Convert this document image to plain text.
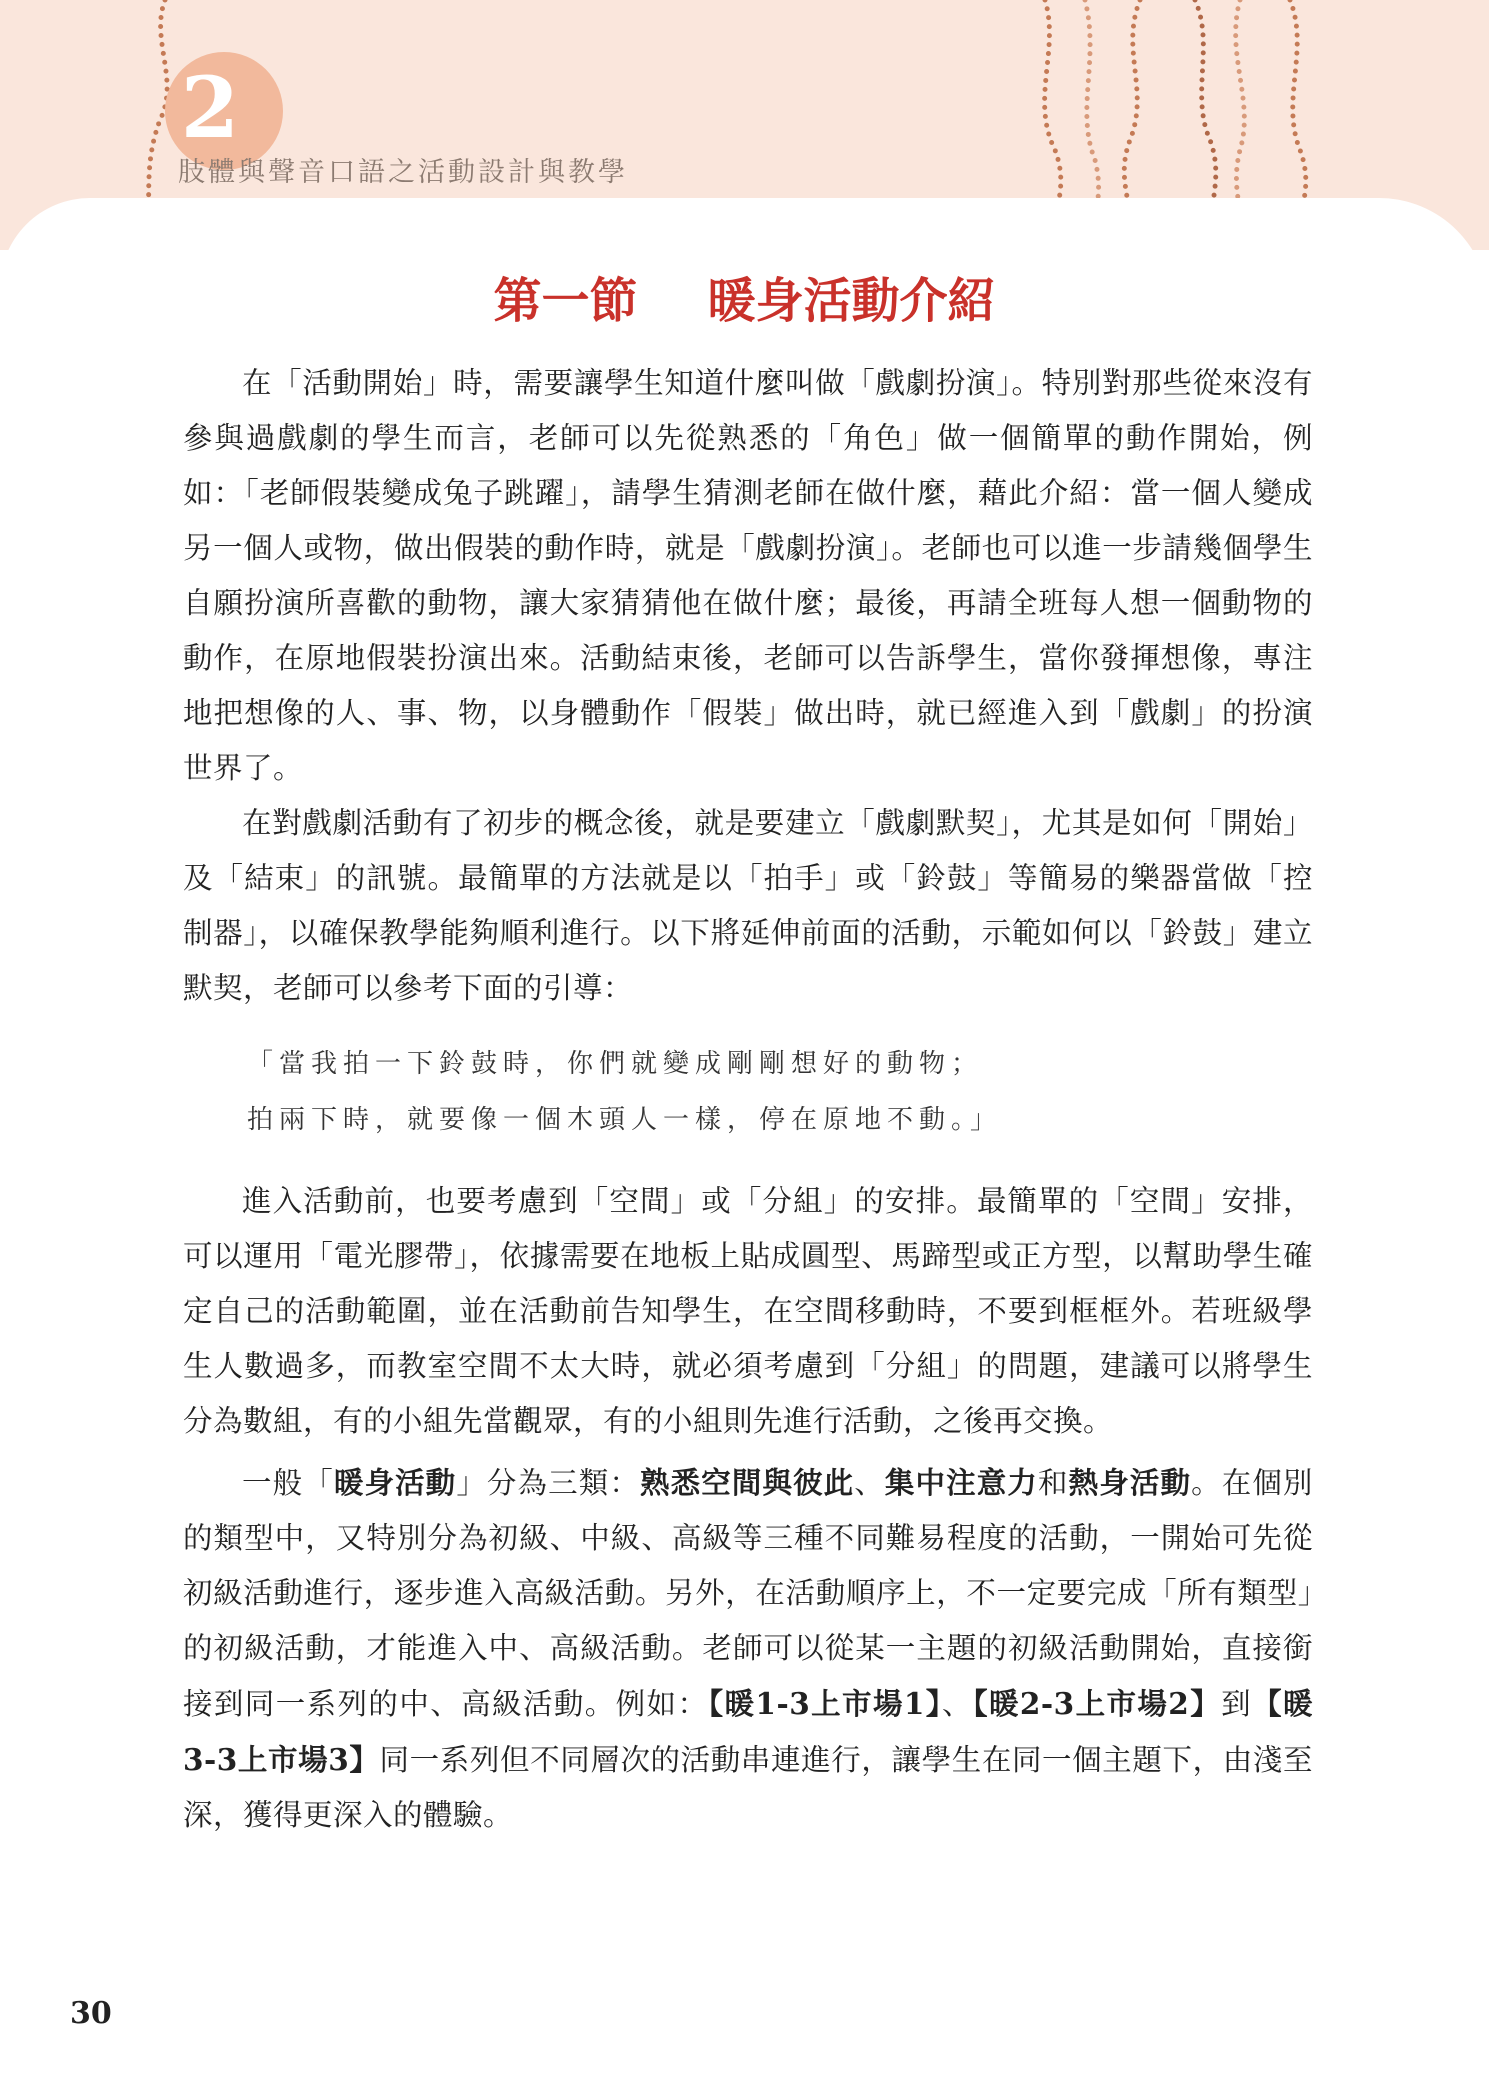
2
肢體與聲音口語之活動設計與教學
第一節 暖身活動介紹

在「活動開始」時，需要讓學生知道什麼叫做「戲劇扮演」。特別對那些從來沒有參與過戲劇的學生而言，老師可以先從熟悉的「角色」做一個簡單的動作開始，例如：「老師假裝變成兔子跳躍」，請學生猜測老師在做什麼，藉此介紹：當一個人變成另一個人或物，做出假裝的動作時，就是「戲劇扮演」。老師也可以進一步請幾個學生自願扮演所喜歡的動物，讓大家猜猜他在做什麼；最後，再請全班每人想一個動物的動作，在原地假裝扮演出來。活動結束後，老師可以告訴學生，當你發揮想像，專注地把想像的人、事、物，以身體動作「假裝」做出時，就已經進入到「戲劇」的扮演世界了。

在對戲劇活動有了初步的概念後，就是要建立「戲劇默契」，尤其是如何「開始」及「結束」的訊號。最簡單的方法就是以「拍手」或「鈴鼓」等簡易的樂器當做「控制器」，以確保教學能夠順利進行。以下將延伸前面的活動，示範如何以「鈴鼓」建立默契，老師可以參考下面的引導：

「當我拍一下鈴鼓時，你們就變成剛剛想好的動物；
拍兩下時，就要像一個木頭人一樣，停在原地不動。」

進入活動前，也要考慮到「空間」或「分組」的安排。最簡單的「空間」安排，可以運用「電光膠帶」，依據需要在地板上貼成圓型、馬蹄型或正方型，以幫助學生確定自己的活動範圍，並在活動前告知學生，在空間移動時，不要到框框外。若班級學生人數過多，而教室空間不太大時，就必須考慮到「分組」的問題，建議可以將學生分為數組，有的小組先當觀眾，有的小組則先進行活動，之後再交換。

一般「暖身活動」分為三類：熟悉空間與彼此、集中注意力和熱身活動。在個別的類型中，又特別分為初級、中級、高級等三種不同難易程度的活動，一開始可先從初級活動進行，逐步進入高級活動。另外，在活動順序上，不一定要完成「所有類型」的初級活動，才能進入中、高級活動。老師可以從某一主題的初級活動開始，直接銜接到同一系列的中、高級活動。例如：【暖1-3上市場1】、【暖2-3上市場2】到【暖3-3上市場3】同一系列但不同層次的活動串連進行，讓學生在同一個主題下，由淺至深，獲得更深入的體驗。

30
